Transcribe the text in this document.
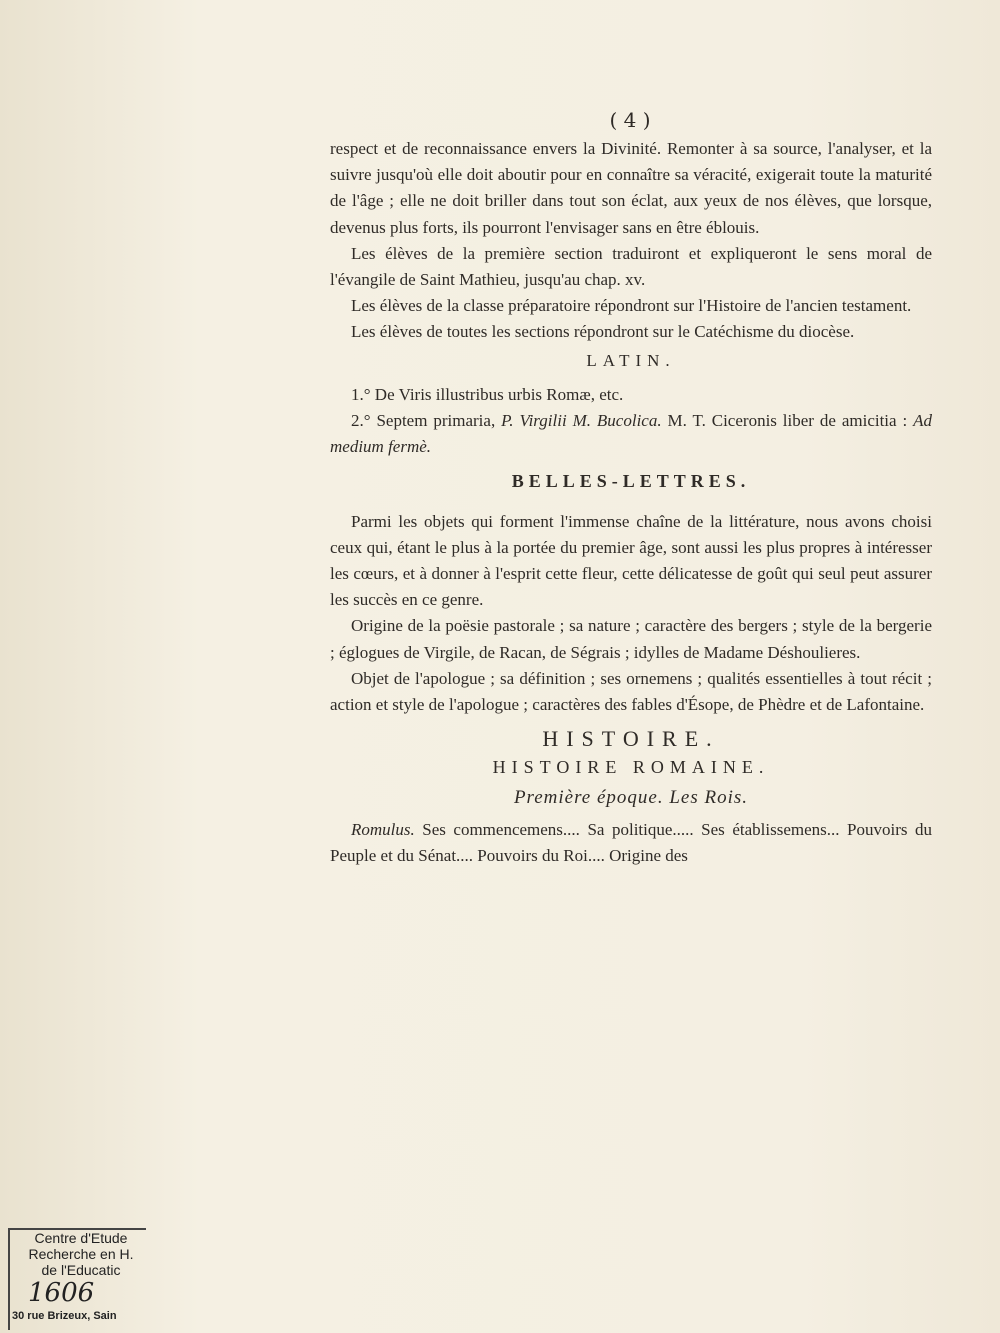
( 4 )

respect et de reconnaissance envers la Divinité. Remonter à sa source, l'analyser, et la suivre jusqu'où elle doit aboutir pour en connaître sa véracité, exigerait toute la maturité de l'âge ; elle ne doit briller dans tout son éclat, aux yeux de nos élèves, que lorsque, devenus plus forts, ils pourront l'envisager sans en être éblouis.

Les élèves de la première section traduiront et expliqueront le sens moral de l'évangile de Saint Mathieu, jusqu'au chap. xv.

Les élèves de la classe préparatoire répondront sur l'Histoire de l'ancien testament.

Les élèves de toutes les sections répondront sur le Catéchisme du diocèse.

LATIN.

1.° De Viris illustribus urbis Romæ, etc.

2.° Septem primaria, P. Virgilii M. Bucolica. M. T. Ciceronis liber de amicitia : Ad medium fermè.

BELLES-LETTRES.

Parmi les objets qui forment l'immense chaîne de la littérature, nous avons choisi ceux qui, étant le plus à la portée du premier âge, sont aussi les plus propres à intéresser les cœurs, et à donner à l'esprit cette fleur, cette délicatesse de goût qui seul peut assurer les succès en ce genre.

Origine de la poësie pastorale ; sa nature ; caractère des bergers ; style de la bergerie ; églogues de Virgile, de Racan, de Ségrais ; idylles de Madame Déshoulieres.

Objet de l'apologue ; sa définition ; ses ornemens ; qualités essentielles à tout récit ; action et style de l'apologue ; caractères des fables d'Ésope, de Phèdre et de Lafontaine.

HISTOIRE.

HISTOIRE ROMAINE.

Première époque. Les Rois.

Romulus. Ses commencemens.... Sa politique..... Ses établissemens... Pouvoirs du Peuple et du Sénat.... Pouvoirs du Roi.... Origine des

Centre d'Etude
Recherche en H.
de l'Educatic
1606
30 rue Brizeux, Sain
